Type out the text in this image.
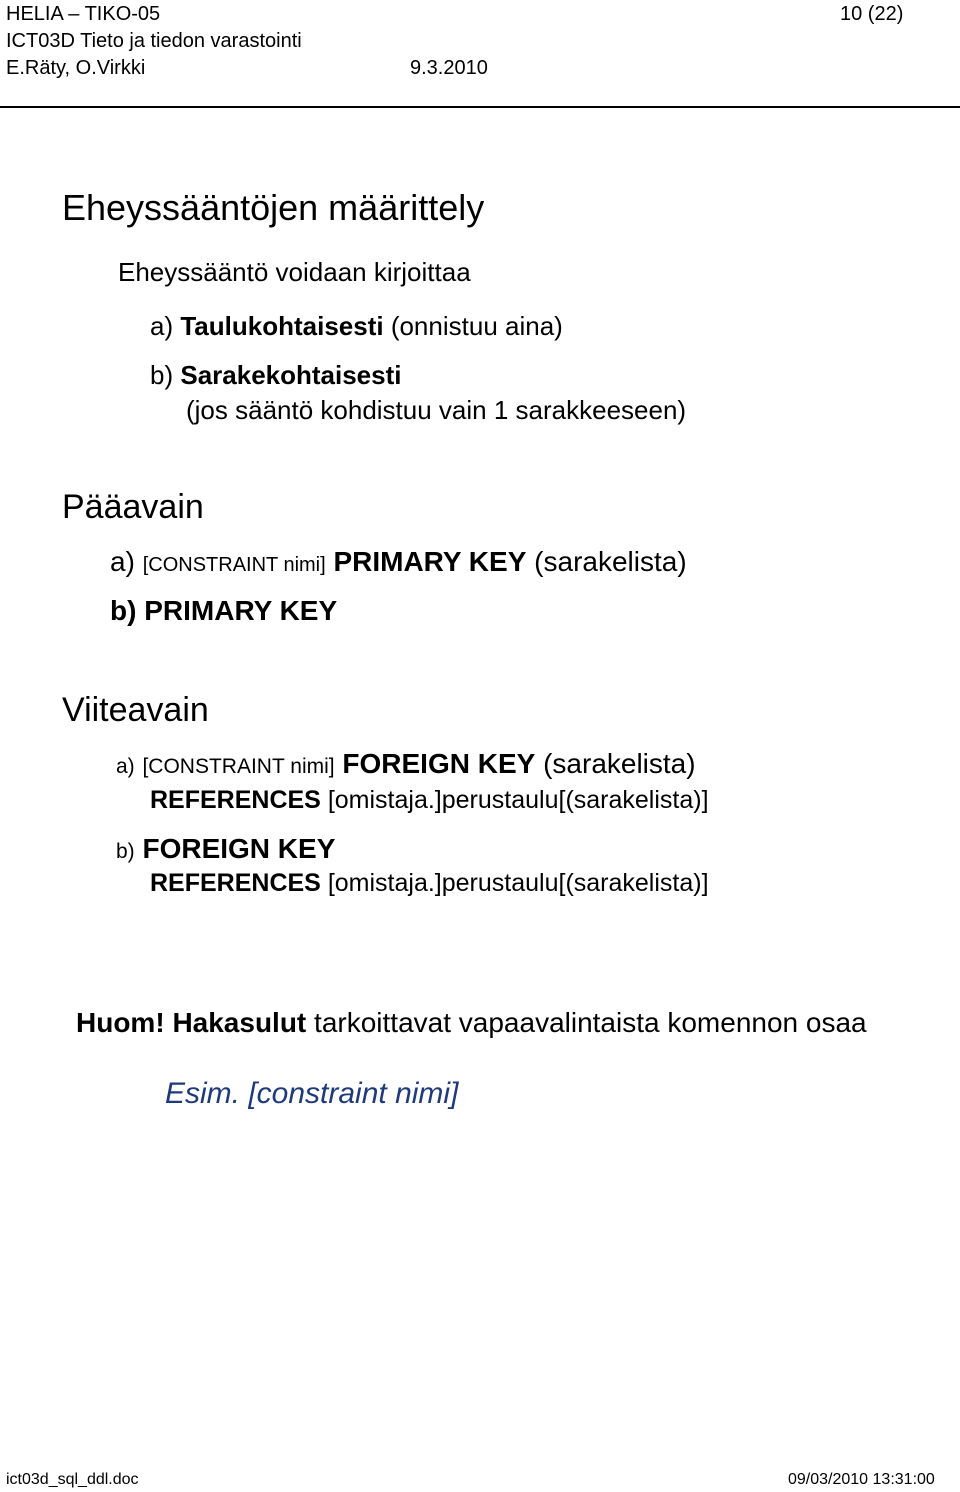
HELIA – TIKO-05	10 (22)
ICT03D Tieto ja tiedon varastointi
E.Räty, O.Virkki	9.3.2010
Eheyssääntöjen määrittely
Eheyssääntö voidaan kirjoittaa
a) Taulukohtaisesti (onnistuu aina)
b) Sarakekohtaisesti
(jos sääntö kohdistuu vain 1 sarakkeeseen)
Pääavain
a) [CONSTRAINT nimi] PRIMARY KEY (sarakelista)
b) PRIMARY KEY
Viiteavain
a) [CONSTRAINT nimi] FOREIGN KEY (sarakelista)
REFERENCES [omistaja.]perustaulu[(sarakelista)]
b) FOREIGN KEY
REFERENCES [omistaja.]perustaulu[(sarakelista)]
Huom! Hakasulut tarkoittavat vapaavalintaista komennon osaa
Esim. [constraint nimi]
ict03d_sql_ddl.doc	09/03/2010 13:31:00
